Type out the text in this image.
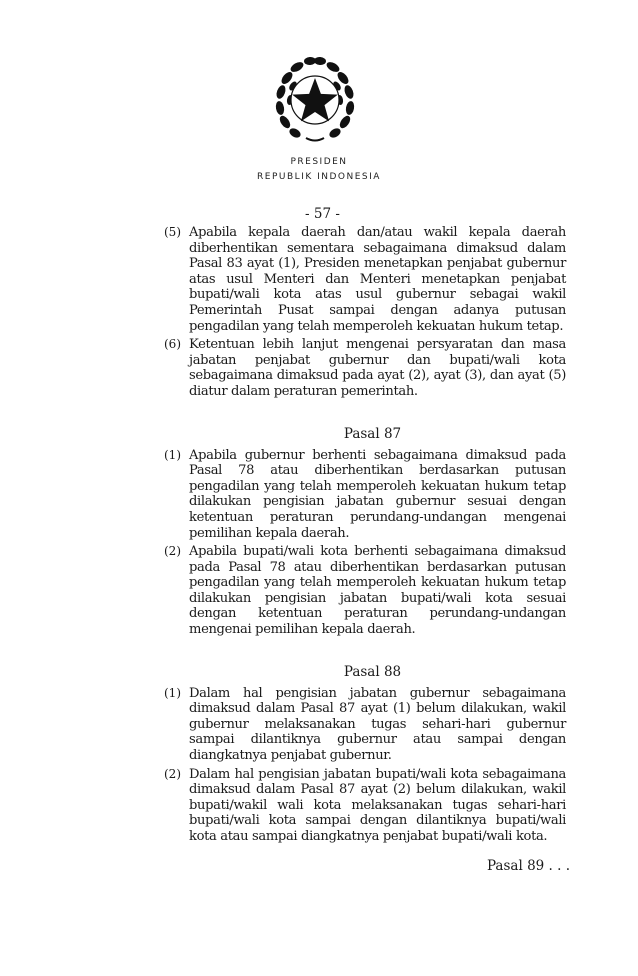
PRESIDEN
REPUBLIK INDONESIA
- 57 -
(5) Apabila kepala daerah dan/atau wakil kepala daerah diberhentikan sementara sebagaimana dimaksud dalam Pasal 83 ayat (1), Presiden menetapkan penjabat gubernur atas usul Menteri dan Menteri menetapkan penjabat bupati/wali kota atas usul gubernur sebagai wakil Pemerintah Pusat sampai dengan adanya putusan pengadilan yang telah memperoleh kekuatan hukum tetap.
(6) Ketentuan lebih lanjut mengenai persyaratan dan masa jabatan penjabat gubernur dan bupati/wali kota sebagaimana dimaksud pada ayat (2), ayat (3), dan ayat (5) diatur dalam peraturan pemerintah.
Pasal 87
(1) Apabila gubernur berhenti sebagaimana dimaksud pada Pasal 78 atau diberhentikan berdasarkan putusan pengadilan yang telah memperoleh kekuatan hukum tetap dilakukan pengisian jabatan gubernur sesuai dengan ketentuan peraturan perundang-undangan mengenai pemilihan kepala daerah.
(2) Apabila bupati/wali kota berhenti sebagaimana dimaksud pada Pasal 78 atau diberhentikan berdasarkan putusan pengadilan yang telah memperoleh kekuatan hukum tetap dilakukan pengisian jabatan bupati/wali kota sesuai dengan ketentuan peraturan perundang-undangan mengenai pemilihan kepala daerah.
Pasal 88
(1) Dalam hal pengisian jabatan gubernur sebagaimana dimaksud dalam Pasal 87 ayat (1) belum dilakukan, wakil gubernur melaksanakan tugas sehari-hari gubernur sampai dilantiknya gubernur atau sampai dengan diangkatnya penjabat gubernur.
(2) Dalam hal pengisian jabatan bupati/wali kota sebagaimana dimaksud dalam Pasal 87 ayat (2) belum dilakukan, wakil bupati/wakil wali kota melaksanakan tugas sehari-hari bupati/wali kota sampai dengan dilantiknya bupati/wali kota atau sampai diangkatnya penjabat bupati/wali kota.
Pasal 89 . . .
